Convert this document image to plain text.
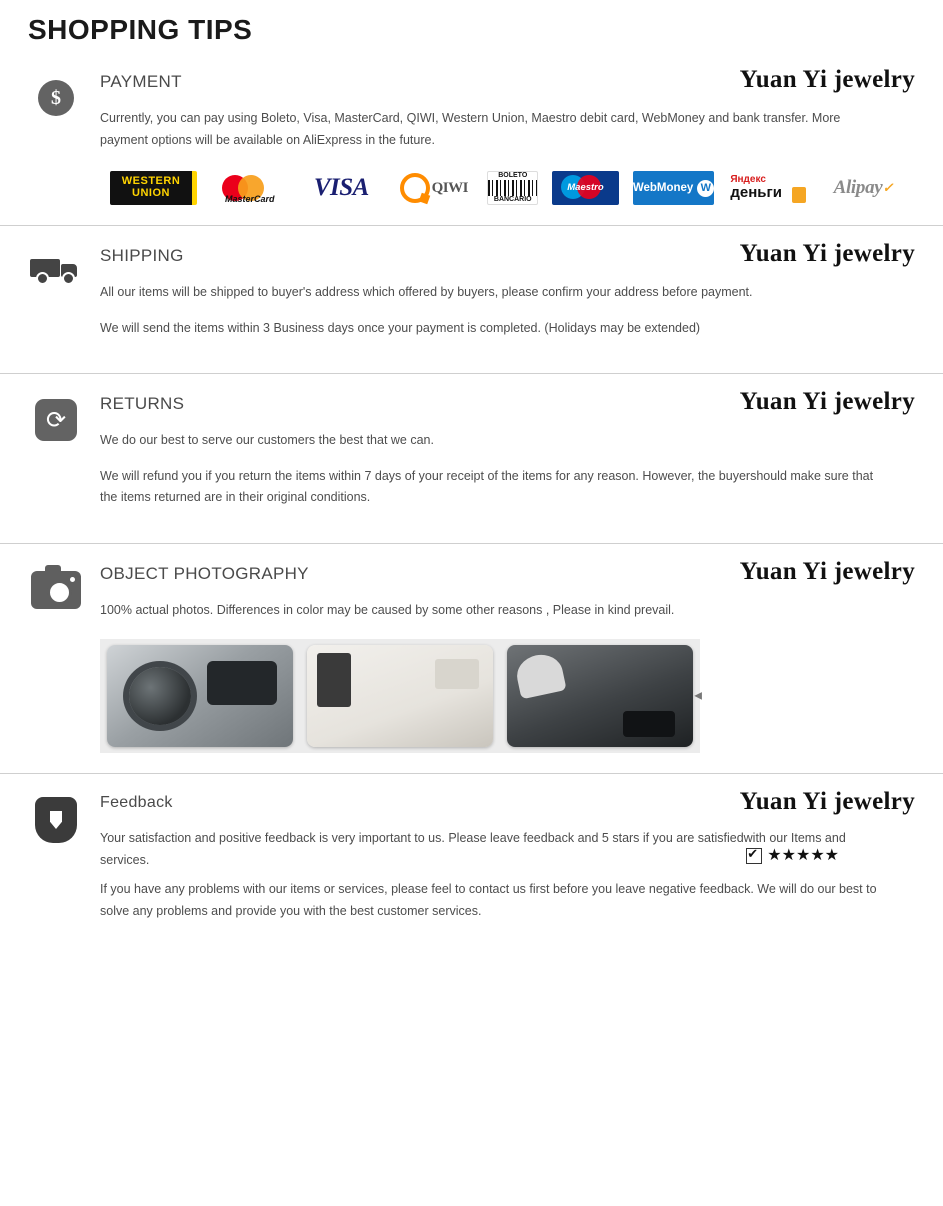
SHOPPING TIPS
Yuan Yi jewelry
$
PAYMENT

Currently, you can pay using Boleto, Visa, MasterCard, QIWI, Western Union, Maestro debit card, WebMoney and bank transfer. More payment options will be available on AliExpress in the future.

WESTERN
UNION	MasterCard	VISA	QIWI
BOLETO
BANCARIO
Maestro	WebMoney W
Яндекс
деньги	Alipay ✓
Yuan Yi jewelry
SHIPPING

All our items will be shipped to buyer's address which offered by buyers, please confirm your address before payment.

We will send the items within 3 Business days once your payment is completed. (Holidays may be extended)

Yuan Yi jewelry
⟳
RETURNS

We do our best to serve our customers the best that we can.

We will refund you if you return the items within 7 days of your receipt of the items for any reason. However, the buyershould make sure that the items returned are in their original conditions.

Yuan Yi jewelry
OBJECT PHOTOGRAPHY

100% actual photos. Differences in color may be caused by some other reasons , Please in kind prevail.

◀
Yuan Yi jewelry
Feedback

Your satisfaction and positive feedback is very important to us. Please leave feedback and 5 stars if you are satisfiedwith our Items and services. ✔	★★★★★

If you have any problems with our items or services, please feel to contact us first before you leave negative feedback. We will do our best to solve any problems and provide you with the best customer services.
